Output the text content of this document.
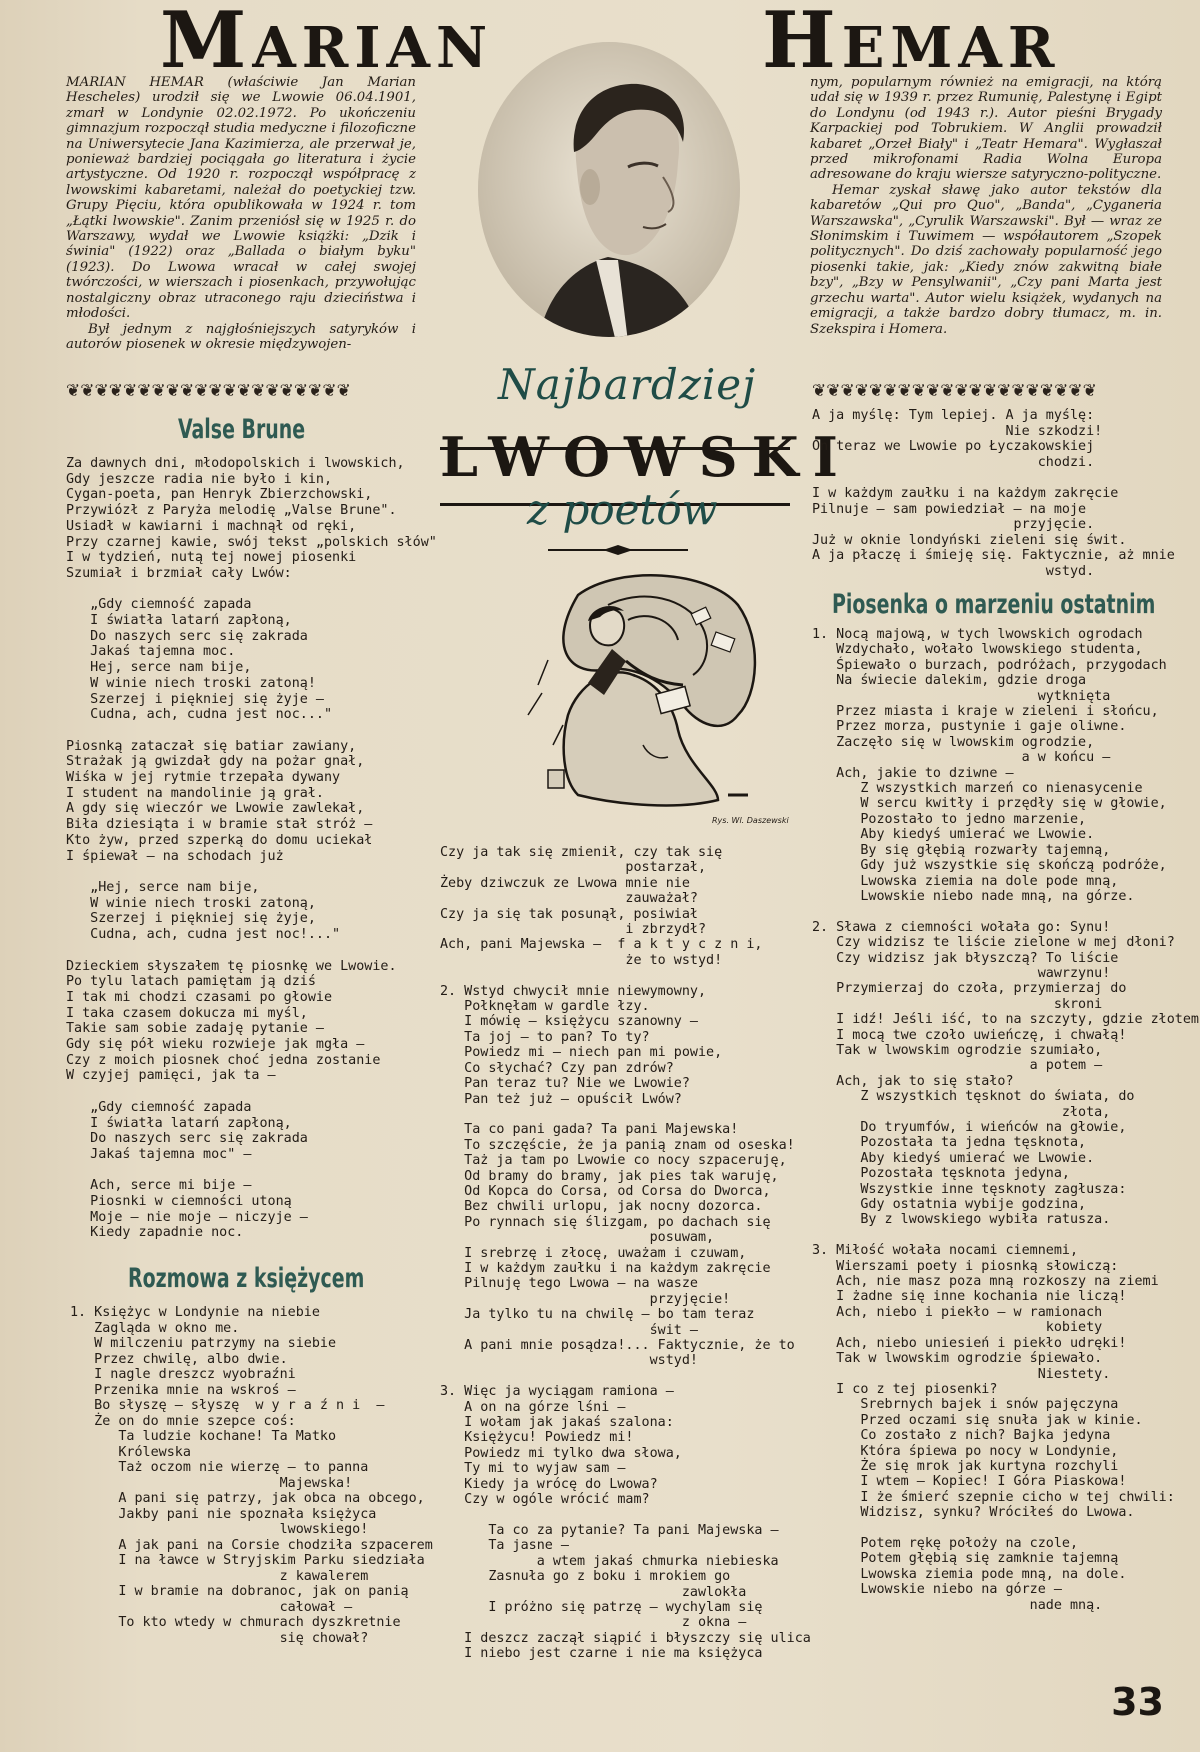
MARIAN	HEMAR

MARIAN HEMAR (właściwie Jan Marian Hescheles) urodził się we Lwowie 06.04.1901, zmarł w Londynie 02.02.1972. Po ukończeniu gimnazjum rozpoczął studia medyczne i filozoficzne na Uniwersytecie Jana Kazimierza, ale przerwał je, ponieważ bardziej pociągała go literatura i życie artystyczne. Od 1920 r. rozpoczął współpracę z lwowskimi kabaretami, należał do poetyckiej tzw. Grupy Pięciu, która opublikowała w 1924 r. tom „Łątki lwowskie". Zanim przeniósł się w 1925 r. do Warszawy, wydał we Lwowie książki: „Dzik i świnia" (1922) oraz „Ballada o białym byku" (1923). Do Lwowa wracał w całej swojej twórczości, w wierszach i piosenkach, przywołując nostalgiczny obraz utraconego raju dzieciństwa i młodości.

Był jednym z najgłośniejszych satyryków i autorów piosenek w okresie międzywojen-

nym, popularnym również na emigracji, na którą udał się w 1939 r. przez Rumunię, Palestynę i Egipt do Londynu (od 1943 r.). Autor pieśni Brygady Karpackiej pod Tobrukiem. W Anglii prowadził kabaret „Orzeł Biały" i „Teatr Hemara". Wygłaszał przed mikrofonami Radia Wolna Europa adresowane do kraju wiersze satyryczno-polityczne.

Hemar zyskał sławę jako autor tekstów dla kabaretów „Qui pro Quo", „Banda", „Cyganeria Warszawska", „Cyrulik Warszawski". Był — wraz ze Słonimskim i Tuwimem — współautorem „Szopek politycznych". Do dziś zachowały popularność jego piosenki takie, jak: „Kiedy znów zakwitną białe bzy", „Bzy w Pensylwanii", „Czy pani Marta jest grzechu warta". Autor wielu książek, wydanych na emigracji, a także bardzo dobry tłumacz, m. in. Szekspira i Homera.

❦❦❦❦❦❦❦❦❦❦❦❦❦❦❦❦❦❦❦❦	❦❦❦❦❦❦❦❦❦❦❦❦❦❦❦❦❦❦❦❦
Najbardziej
LWOWSKI
z poetów
Rys. Wl. Daszewski
Valse Brune
Rozmowa z księżycem
Piosenka o marzeniu ostatnim
Za dawnych dni, młodopolskich i lwowskich,
Gdy jeszcze radia nie było i kin,
Cygan-poeta, pan Henryk Zbierzchowski,
Przywiózł z Paryża melodię „Valse Brune".
Usiadł w kawiarni i machnął od ręki,
Przy czarnej kawie, swój tekst „polskich słów"
I w tydzień, nutą tej nowej piosenki
Szumiał i brzmiał cały Lwów:

„Gdy ciemność zapada
I światła latarń zapłoną,
Do naszych serc się zakrada
Jakaś tajemna moc.
Hej, serce nam bije,
W winie niech troski zatoną!
Szerzej i piękniej się żyje —
Cudna, ach, cudna jest noc..."

Piosnką zataczał się batiar zawiany,
Strażak ją gwizdał gdy na pożar gnał,
Wiśka w jej rytmie trzepała dywany
I student na mandolinie ją grał.
A gdy się wieczór we Lwowie zawlekał,
Biła dziesiąta i w bramie stał stróż —
Kto żyw, przed szperką do domu uciekał
I śpiewał — na schodach już

„Hej, serce nam bije,
W winie niech troski zatoną,
Szerzej i piękniej się żyje,
Cudna, ach, cudna jest noc!..."

Dzieckiem słyszałem tę piosnkę we Lwowie.
Po tylu latach pamiętam ją dziś
I tak mi chodzi czasami po głowie
I taka czasem dokucza mi myśl,
Takie sam sobie zadaję pytanie —
Gdy się pół wieku rozwieje jak mgła —
Czy z moich piosnek choć jedna zostanie
W czyjej pamięci, jak ta —

„Gdy ciemność zapada
I światła latarń zapłoną,
Do naszych serc się zakrada
Jakaś tajemna moc" —

Ach, serce mi bije —
Piosnki w ciemności utoną
Moje — nie moje — niczyje —
Kiedy zapadnie noc.
1. Księżyc w Londynie na niebie
Zagląda w okno me.
W milczeniu patrzymy na siebie
Przez chwilę, albo dwie.
I nagle dreszcz wyobraźni
Przenika mnie na wskroś —
Bo słyszę — słyszę  w y r a ź n i  —
Że on do mnie szepce coś:
Ta ludzie kochane! Ta Matko
Królewska
Taż oczom nie wierzę — to panna
Majewska!
A pani się patrzy, jak obca na obcego,
Jakby pani nie spoznała księżyca
lwowskiego!
A jak pani na Corsie chodziła szpacerem
I na ławce w Stryjskim Parku siedziała
z kawalerem
I w bramie na dobranoc, jak on panią
całował —
To kto wtedy w chmurach dyszkretnie
się chował?
Czy ja tak się zmienił, czy tak się
postarzał,
Żeby dziwczuk ze Lwowa mnie nie
zauważał?
Czy ja się tak posunął, posiwiał
i zbrzydł?
Ach, pani Majewska —  f a k t y c z n i,
że to wstyd!

2. Wstyd chwycił mnie niewymowny,
Połknęłam w gardle łzy.
I mówię — księżycu szanowny —
Ta joj — to pan? To ty?
Powiedz mi — niech pan mi powie,
Co słychać? Czy pan zdrów?
Pan teraz tu? Nie we Lwowie?
Pan też już — opuścił Lwów?

Ta co pani gada? Ta pani Majewska!
To szczęście, że ja panią znam od oseska!
Taż ja tam po Lwowie co nocy szpaceruję,
Od bramy do bramy, jak pies tak waruję,
Od Kopca do Corsa, od Corsa do Dworca,
Bez chwili urlopu, jak nocny dozorca.
Po rynnach się ślizgam, po dachach się
posuwam,
I srebrzę i złocę, uważam i czuwam,
I w każdym zaułku i na każdym zakręcie
Pilnuję tego Lwowa — na wasze
przyjęcie!
Ja tylko tu na chwilę — bo tam teraz
świt —
A pani mnie posądza!... Faktycznie, że to
wstyd!

3. Więc ja wyciągam ramiona —
A on na górze lśni —
I wołam jak jakaś szalona:
Księżycu! Powiedz mi!
Powiedz mi tylko dwa słowa,
Ty mi to wyjaw sam —
Kiedy ja wrócę do Lwowa?
Czy w ogóle wrócić mam?

Ta co za pytanie? Ta pani Majewska —
Ta jasne —
a wtem jakaś chmurka niebieska
Zasnuła go z boku i mrokiem go
zawlokła
I próżno się patrzę — wychylam się
z okna —
I deszcz zaczął siąpić i błyszczy się ulica
I niebo jest czarne i nie ma księżyca
A ja myślę: Tym lepiej. A ja myślę:
Nie szkodzi!
On teraz we Lwowie po Łyczakowskiej
chodzi.

I w każdym zaułku i na każdym zakręcie
Pilnuje — sam powiedział — na moje
przyjęcie.
Już w oknie londyński zieleni się świt.
A ja płaczę i śmieję się. Faktycznie, aż mnie
wstyd.
1. Nocą majową, w tych lwowskich ogrodach
Wzdychało, wołało lwowskiego studenta,
Śpiewało o burzach, podróżach, przygodach
Na świecie dalekim, gdzie droga
wytknięta
Przez miasta i kraje w zieleni i słońcu,
Przez morza, pustynie i gaje oliwne.
Zaczęło się w lwowskim ogrodzie,
a w końcu —
Ach, jakie to dziwne —
Z wszystkich marzeń co nienasycenie
W sercu kwitły i przędły się w głowie,
Pozostało to jedno marzenie,
Aby kiedyś umierać we Lwowie.
By się głębią rozwarły tajemną,
Gdy już wszystkie się skończą podróże,
Lwowska ziemia na dole pode mną,
Lwowskie niebo nade mną, na górze.

2. Sława z ciemności wołała go: Synu!
Czy widzisz te liście zielone w mej dłoni?
Czy widzisz jak błyszczą? To liście
wawrzynu!
Przymierzaj do czoła, przymierzaj do
skroni
I idź! Jeśli iść, to na szczyty, gdzie złotem
I mocą twe czoło uwieńczę, i chwałą!
Tak w lwowskim ogrodzie szumiało,
a potem —
Ach, jak to się stało?
Z wszystkich tęsknot do świata, do
złota,
Do tryumfów, i wieńców na głowie,
Pozostała ta jedna tęsknota,
Aby kiedyś umierać we Lwowie.
Pozostała tęsknota jedyna,
Wszystkie inne tęsknoty zagłusza:
Gdy ostatnia wybije godzina,
By z lwowskiego wybiła ratusza.

3. Miłość wołała nocami ciemnemi,
Wierszami poety i piosnką słowiczą:
Ach, nie masz poza mną rozkoszy na ziemi
I żadne się inne kochania nie liczą!
Ach, niebo i piekło — w ramionach
kobiety
Ach, niebo uniesień i piekło udręki!
Tak w lwowskim ogrodzie śpiewało.
Niestety.
I co z tej piosenki?
Srebrnych bajek i snów pajęczyna
Przed oczami się snuła jak w kinie.
Co zostało z nich? Bajka jedyna
Która śpiewa po nocy w Londynie,
Że się mrok jak kurtyna rozchyli
I wtem — Kopiec! I Góra Piaskowa!
I że śmierć szepnie cicho w tej chwili:
Widzisz, synku? Wróciłeś do Lwowa.

Potem rękę położy na czole,
Potem głębią się zamknie tajemną
Lwowska ziemia pode mną, na dole.
Lwowskie niebo na górze —
nade mną.
33
